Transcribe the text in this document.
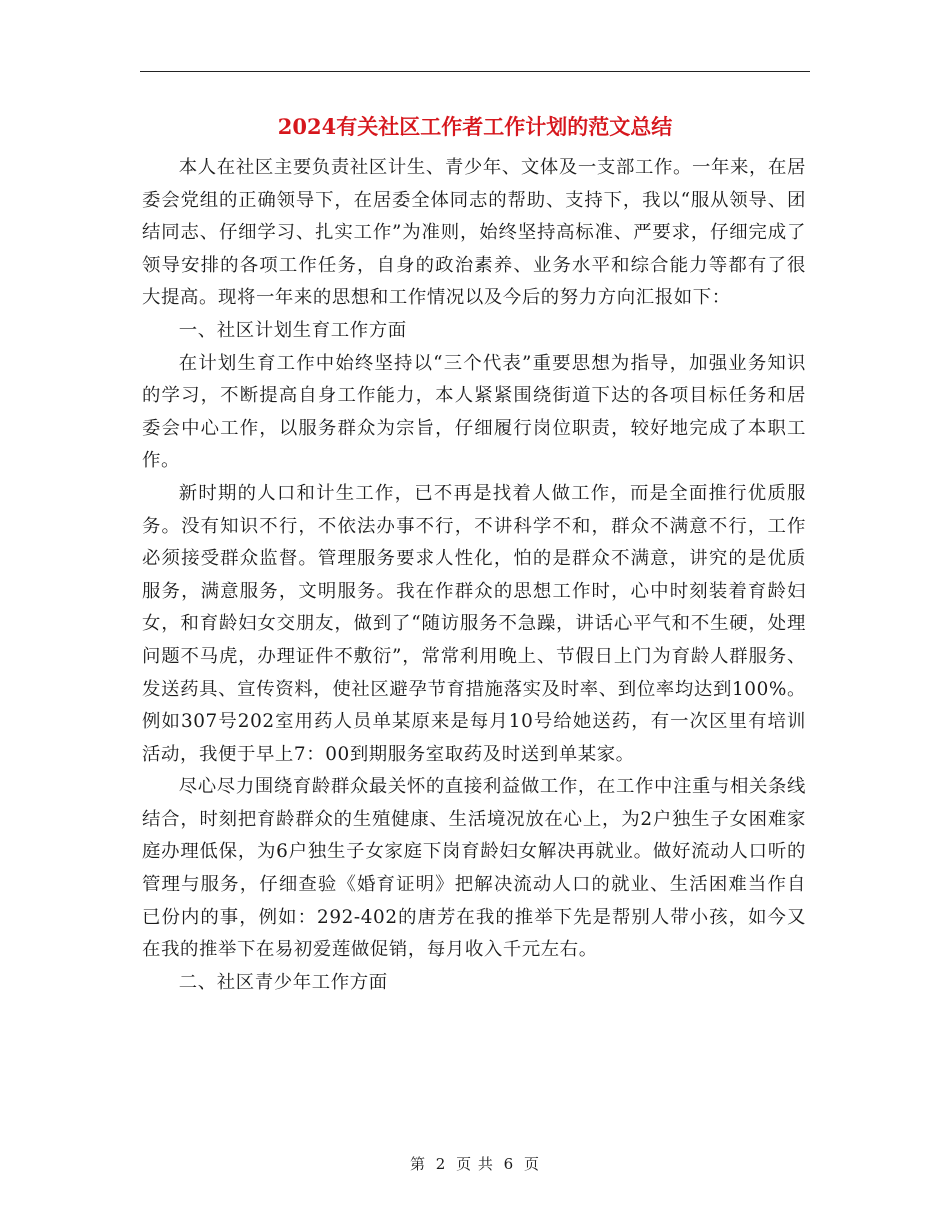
2024有关社区工作者工作计划的范文总结

本人在社区主要负责社区计生、青少年、文体及一支部工作。一年来，在居委会党组的正确领导下，在居委全体同志的帮助、支持下，我以“服从领导、团结同志、仔细学习、扎实工作”为准则，始终坚持高标准、严要求，仔细完成了领导安排的各项工作任务，自身的政治素养、业务水平和综合能力等都有了很大提高。现将一年来的思想和工作情况以及今后的努力方向汇报如下：

一、社区计划生育工作方面

在计划生育工作中始终坚持以“三个代表”重要思想为指导，加强业务知识的学习，不断提高自身工作能力，本人紧紧围绕街道下达的各项目标任务和居委会中心工作，以服务群众为宗旨，仔细履行岗位职责，较好地完成了本职工作。

新时期的人口和计生工作，已不再是找着人做工作，而是全面推行优质服务。没有知识不行，不依法办事不行，不讲科学不和，群众不满意不行，工作必须接受群众监督。管理服务要求人性化，怕的是群众不满意，讲究的是优质服务，满意服务，文明服务。我在作群众的思想工作时，心中时刻装着育龄妇女，和育龄妇女交朋友，做到了“随访服务不急躁，讲话心平气和不生硬，处理问题不马虎，办理证件不敷衍”，常常利用晚上、节假日上门为育龄人群服务、发送药具、宣传资料，使社区避孕节育措施落实及时率、到位率均达到100%。例如307号202室用药人员单某原来是每月10号给她送药，有一次区里有培训活动，我便于早上7：00到期服务室取药及时送到单某家。

尽心尽力围绕育龄群众最关怀的直接利益做工作，在工作中注重与相关条线结合，时刻把育龄群众的生殖健康、生活境况放在心上，为2户独生子女困难家庭办理低保，为6户独生子女家庭下岗育龄妇女解决再就业。做好流动人口听的管理与服务，仔细查验《婚育证明》把解决流动人口的就业、生活困难当作自已份内的事，例如：292-402的唐芳在我的推举下先是帮别人带小孩，如今又在我的推举下在易初爱莲做促销，每月收入千元左右。

二、社区青少年工作方面

第 2 页 共 6 页
